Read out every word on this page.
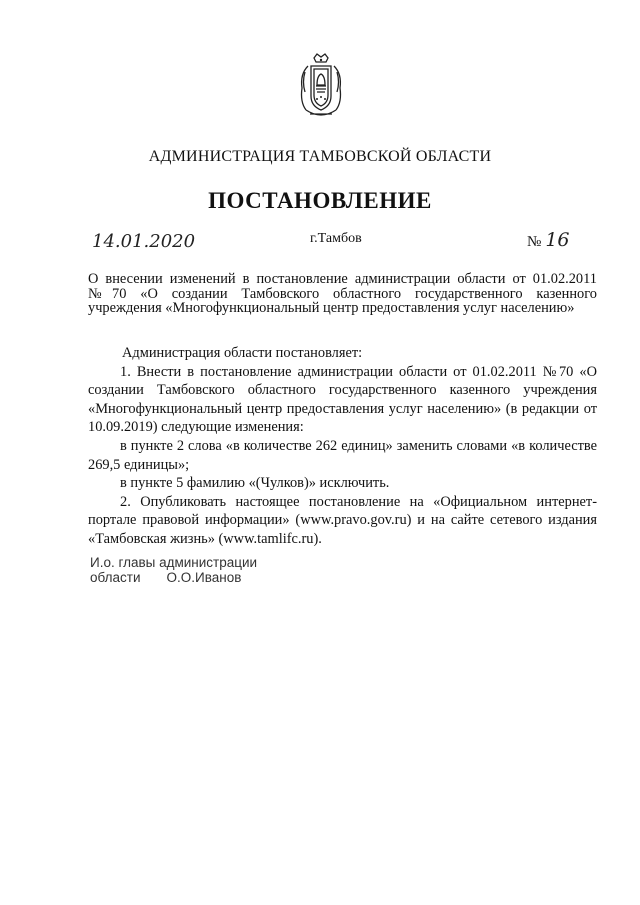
АДМИНИСТРАЦИЯ ТАМБОВСКОЙ ОБЛАСТИ
ПОСТАНОВЛЕНИЕ
14.01.2020	г.Тамбов	№ 16
О внесении изменений в постановление администрации области от 01.02.2011 №70 «О создании Тамбовского областного государственного казенного учреждения «Многофункциональный центр предоставления услуг населению»

Администрация области постановляет:

1. Внести в постановление администрации области от 01.02.2011 №70 «О создании Тамбовского областного государственного казенного учреждения «Многофункциональный центр предоставления услуг населению» (в редакции от 10.09.2019) следующие изменения:

в пункте 2 слова «в количестве 262 единиц» заменить словами «в количестве 269,5 единицы»;

в пункте 5 фамилию «(Чулков)» исключить.

2. Опубликовать настоящее постановление на «Официальном интернет-портале правовой информации» (www.pravo.gov.ru) и на сайте сетевого издания «Тамбовская жизнь» (www.tamlifc.ru).

И.о. главы администрации
области О.О.Иванов
